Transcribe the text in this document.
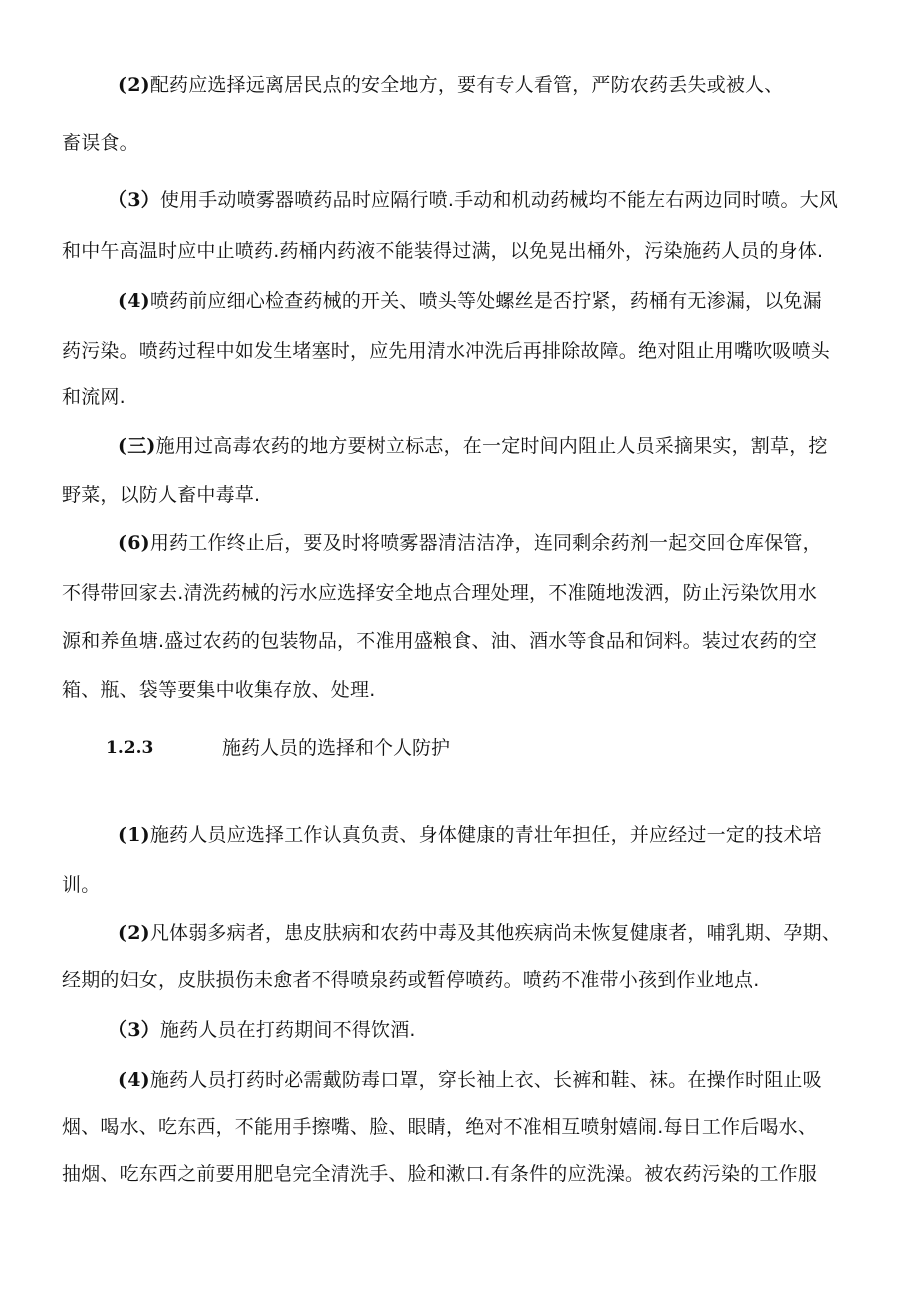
(2)配药应选择远离居民点的安全地方，要有专人看管，严防农药丢失或被人、
畜误食。
（3）使用手动喷雾器喷药品时应隔行喷.手动和机动药械均不能左右两边同时喷。大风
和中午高温时应中止喷药.药桶内药液不能装得过满，以免晃出桶外，污染施药人员的身体.
(4)喷药前应细心检查药械的开关、喷头等处螺丝是否拧紧，药桶有无渗漏，以免漏
药污染。喷药过程中如发生堵塞时，应先用清水冲洗后再排除故障。绝对阻止用嘴吹吸喷头
和流网.
(三)施用过高毒农药的地方要树立标志，在一定时间内阻止人员采摘果实，割草，挖
野菜，以防人畜中毒草.
(6)用药工作终止后，要及时将喷雾器清洁洁净，连同剩余药剂一起交回仓库保管，
不得带回家去.清洗药械的污水应选择安全地点合理处理，不准随地泼洒，防止污染饮用水
源和养鱼塘.盛过农药的包装物品，不准用盛粮食、油、酒水等食品和饲料。装过农药的空
箱、瓶、袋等要集中收集存放、处理.
1.2.3	施药人员的选择和个人防护
(1)施药人员应选择工作认真负责、身体健康的青壮年担任，并应经过一定的技术培
训。
(2)凡体弱多病者，患皮肤病和农药中毒及其他疾病尚未恢复健康者，哺乳期、孕期、
经期的妇女，皮肤损伤未愈者不得喷泉药或暂停喷药。喷药不准带小孩到作业地点.
（3）施药人员在打药期间不得饮酒.
(4)施药人员打药时必需戴防毒口罩，穿长袖上衣、长裤和鞋、袜。在操作时阻止吸
烟、喝水、吃东西，不能用手擦嘴、脸、眼睛，绝对不准相互喷射嬉闹.每日工作后喝水、
抽烟、吃东西之前要用肥皂完全清洗手、脸和漱口.有条件的应洗澡。被农药污染的工作服
